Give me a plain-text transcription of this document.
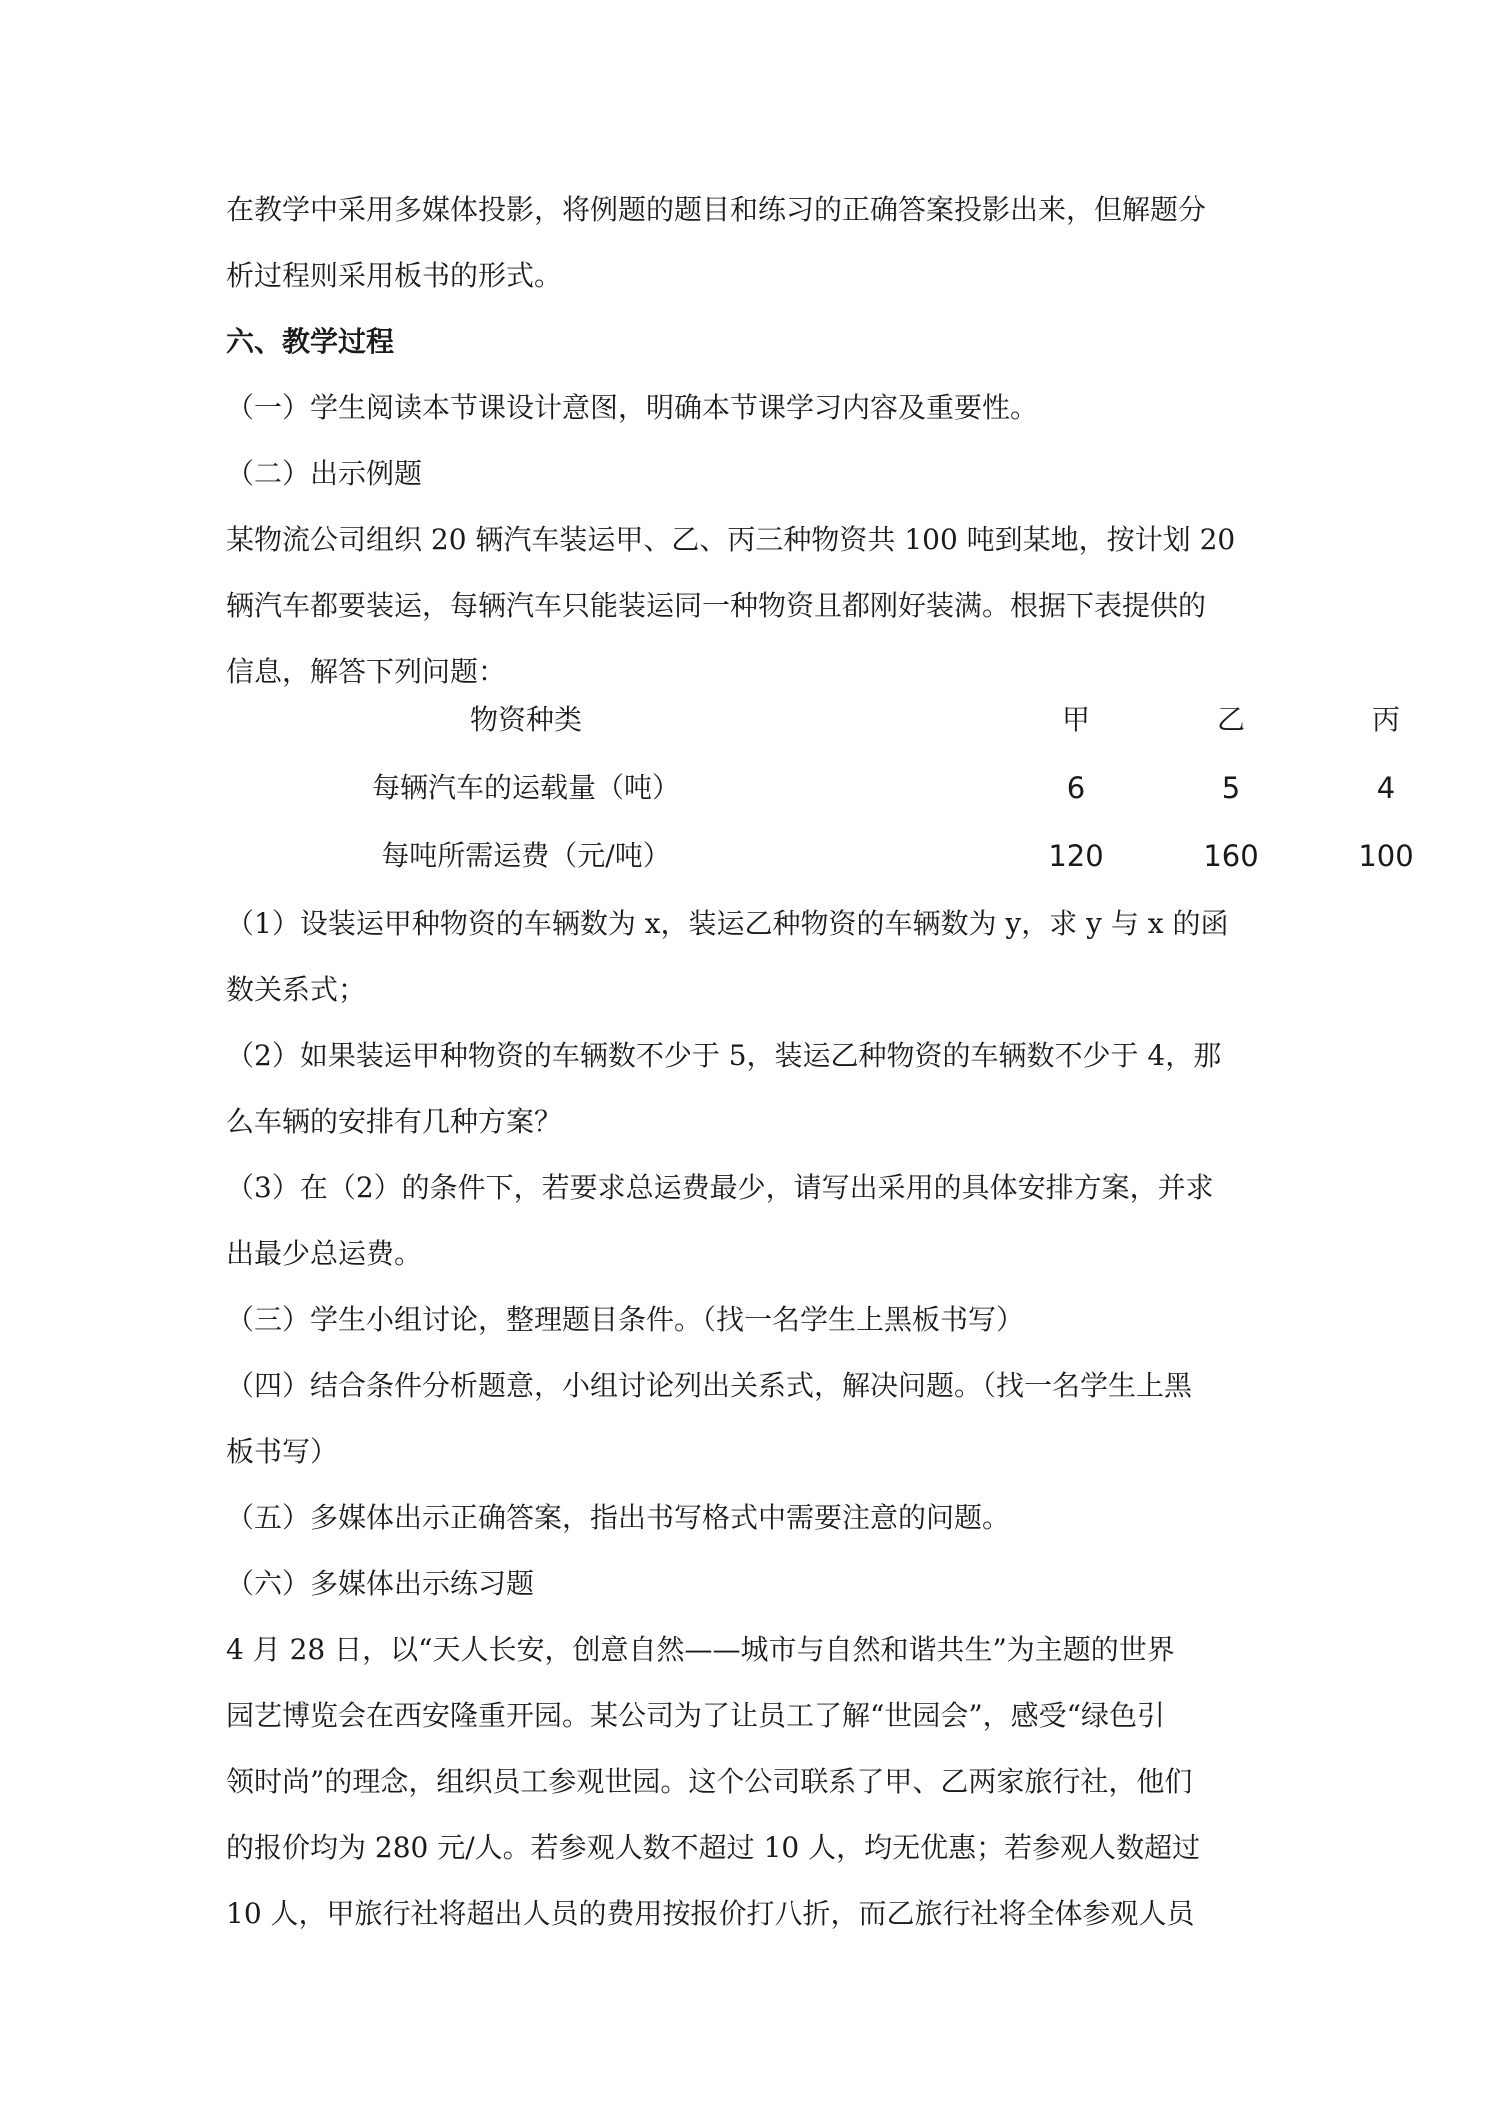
在教学中采用多媒体投影，将例题的题目和练习的正确答案投影出来，但解题分
析过程则采用板书的形式。
六、教学过程
（一）学生阅读本节课设计意图，明确本节课学习内容及重要性。
（二）出示例题
某物流公司组织 20 辆汽车装运甲、乙、丙三种物资共 100 吨到某地，按计划 20
辆汽车都要装运，每辆汽车只能装运同一种物资且都刚好装满。根据下表提供的
信息，解答下列问题：
物资种类	甲	乙	丙
每辆汽车的运载量（吨）	6	5	4
每吨所需运费（元/吨）	120	160	100
（1）设装运甲种物资的车辆数为 x，装运乙种物资的车辆数为 y，求 y 与 x 的函
数关系式；
（2）如果装运甲种物资的车辆数不少于 5，装运乙种物资的车辆数不少于 4，那
么车辆的安排有几种方案？
（3）在（2）的条件下，若要求总运费最少，请写出采用的具体安排方案，并求
出最少总运费。
（三）学生小组讨论，整理题目条件。（找一名学生上黑板书写）
（四）结合条件分析题意，小组讨论列出关系式，解决问题。（找一名学生上黑
板书写）
（五）多媒体出示正确答案，指出书写格式中需要注意的问题。
（六）多媒体出示练习题
4 月 28 日，以“天人长安，创意自然——城市与自然和谐共生”为主题的世界
园艺博览会在西安隆重开园。某公司为了让员工了解“世园会”，感受“绿色引
领时尚”的理念，组织员工参观世园。这个公司联系了甲、乙两家旅行社，他们
的报价均为 280 元/人。若参观人数不超过 10 人，均无优惠；若参观人数超过
10 人，甲旅行社将超出人员的费用按报价打八折，而乙旅行社将全体参观人员
